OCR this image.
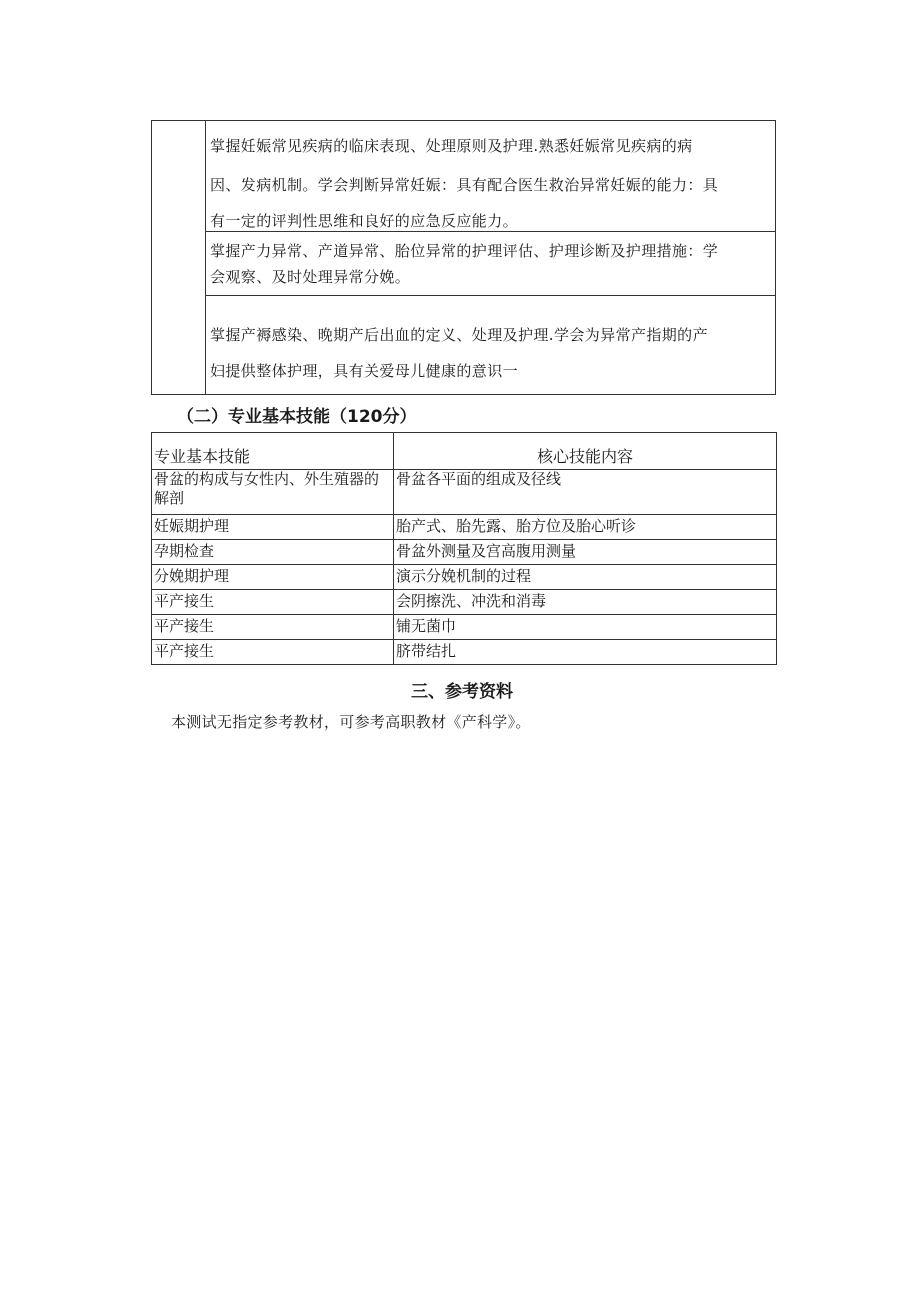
掌握妊娠常见疾病的临床表现、处理原则及护理.熟悉妊娠常见疾病的病
因、发病机制。学会判断异常妊娠：具有配合医生救治异常妊娠的能力：具
有一定的评判性思维和良好的应急反应能力。
掌握产力异常、产道异常、胎位异常的护理评估、护理诊断及护理措施：学
会观察、及时处理异常分娩。
掌握产褥感染、晚期产后出血的定义、处理及护理.学会为异常产指期的产
妇提供整体护理，具有关爱母儿健康的意识一
（二）专业基本技能（120分）
专业基本技能	核心技能内容
骨盆的构成与女性内、外生殖器的解剖	骨盆各平面的组成及径线
妊娠期护理	胎产式、胎先露、胎方位及胎心听诊
孕期检查	骨盆外测量及宫高腹用测量
分娩期护理	演示分娩机制的过程
平产接生	会阴擦洗、冲洗和消毒
平产接生	铺无菌巾
平产接生	脐带结扎
三、参考资料
本测试无指定参考教材，可参考高职教材《产科学》。
